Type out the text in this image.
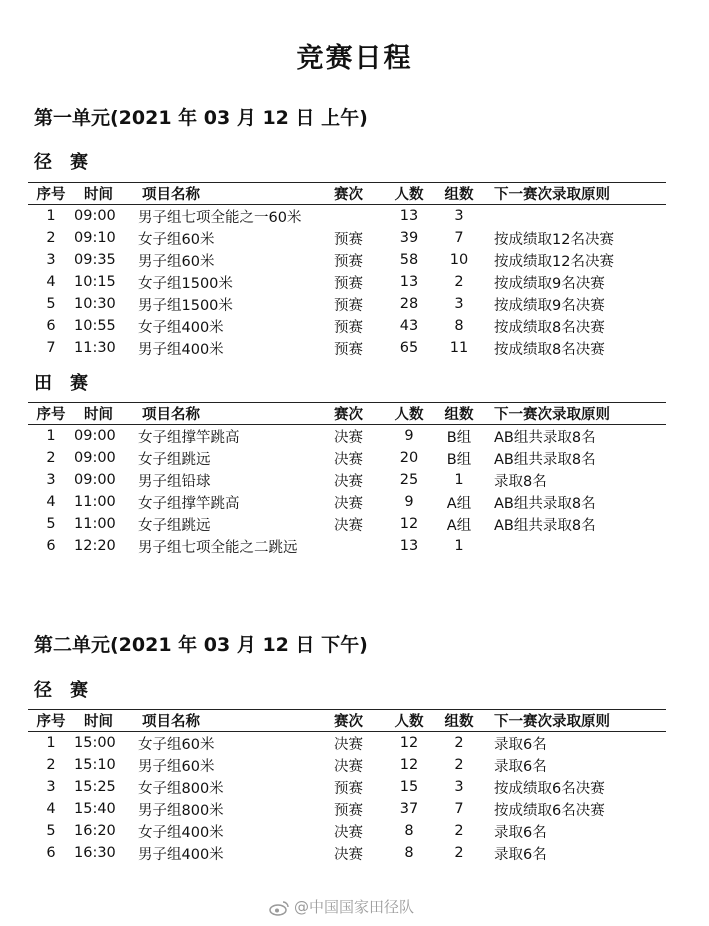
竞赛日程
第一单元(2021 年 03 月 12 日 上午)
径　赛
序号	时间	项目名称	赛次	人数	组数	下一赛次录取原则
1	09:00	男子组七项全能之一60米		13	3	
2	09:10	女子组60米	预赛	39	7	按成绩取12名决赛
3	09:35	男子组60米	预赛	58	10	按成绩取12名决赛
4	10:15	女子组1500米	预赛	13	2	按成绩取9名决赛
5	10:30	男子组1500米	预赛	28	3	按成绩取9名决赛
6	10:55	女子组400米	预赛	43	8	按成绩取8名决赛
7	11:30	男子组400米	预赛	65	11	按成绩取8名决赛
田　赛
序号	时间	项目名称	赛次	人数	组数	下一赛次录取原则
1	09:00	女子组撑竿跳高	决赛	9	B组	AB组共录取8名
2	09:00	女子组跳远	决赛	20	B组	AB组共录取8名
3	09:00	男子组铅球	决赛	25	1	录取8名
4	11:00	女子组撑竿跳高	决赛	9	A组	AB组共录取8名
5	11:00	女子组跳远	决赛	12	A组	AB组共录取8名
6	12:20	男子组七项全能之二跳远		13	1	
第二单元(2021 年 03 月 12 日 下午)
径　赛
序号	时间	项目名称	赛次	人数	组数	下一赛次录取原则
1	15:00	女子组60米	决赛	12	2	录取6名
2	15:10	男子组60米	决赛	12	2	录取6名
3	15:25	女子组800米	预赛	15	3	按成绩取6名决赛
4	15:40	男子组800米	预赛	37	7	按成绩取6名决赛
5	16:20	女子组400米	决赛	8	2	录取6名
6	16:30	男子组400米	决赛	8	2	录取6名
@中国国家田径队
